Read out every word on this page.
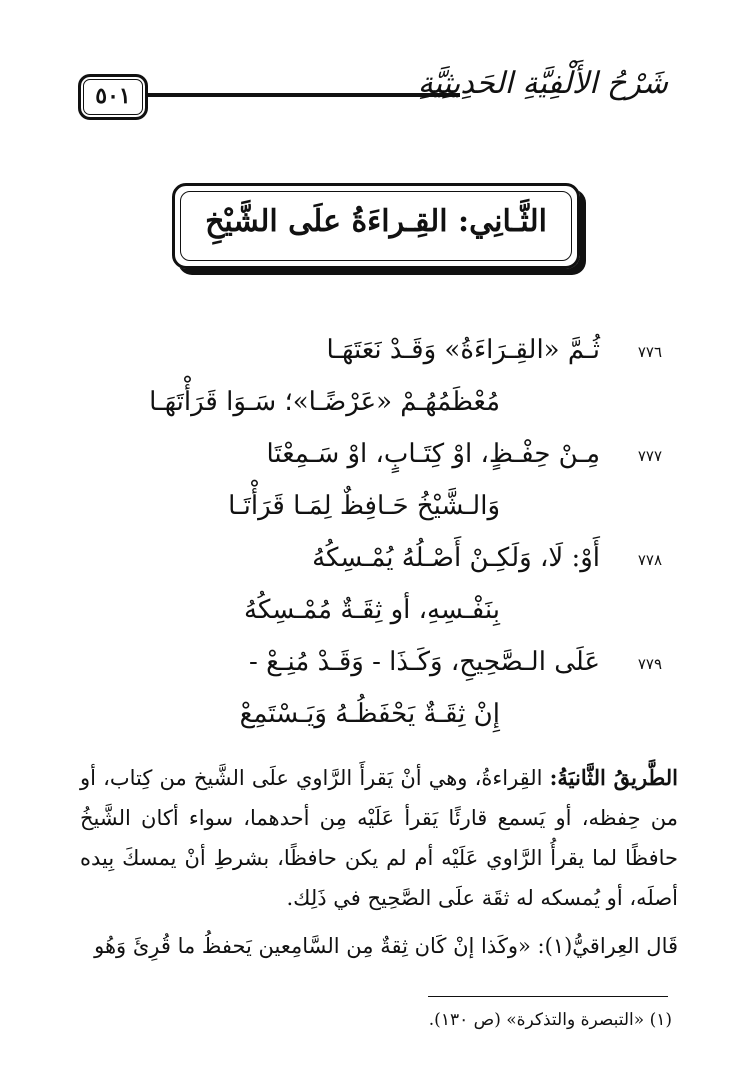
٥٠١	شَرْحُ الأَلْفِيَّةِ الحَدِيثِيَّةِ
الثَّـانِي: القِـراءَةُ علَى الشَّيْخِ
٧٧٦
ثُـمَّ «القِـرَاءَةُ» وَقَـدْ نَعَتَهَـا
مُعْظَمُهُـمْ «عَرْضًـا»؛ سَـوَا قَرَأْتَهَـا
٧٧٧
مِـنْ حِفْـظٍ، اوْ كِتَـابٍ، اوْ سَـمِعْتَا
وَالـشَّيْخُ حَـافِظٌ لِمَـا قَرَأْتَـا
٧٧٨
أَوْ: لَا، وَلَكِـنْ أَصْـلُهُ يُمْـسِكُهُ
بِنَفْـسِهِ، أو ثِقَـةٌ مُمْـسِكُهُ
٧٧٩
عَلَى الـصَّحِيحِ، وَكَـذَا - وَقَـدْ مُنِـعْ -
إِنْ ثِقَـةٌ يَحْفَظُـهُ وَيَـسْتَمِعْ

الطَّريقُ الثَّانيَةُ: القِراءةُ، وهي أنْ يَقرأَ الرَّاوي علَى الشَّيخ من كِتاب، أو من حِفظه، أو يَسمع قارئًا يَقرأ عَلَيْه مِن أحدهما، سواء أكان الشَّيخُ حافظًا لما يقرأُ الرَّاوي عَلَيْه أم لم يكن حافظًا، بشرطِ أنْ يمسكَ بِيده أصلَه، أو يُمسكه له ثقَة علَى الصَّحِيح في ذَلِك.

قَال العِراقيُّ(١): «وكَذا إنْ كَان ثِقةٌ مِن السَّامِعين يَحفظُ ما قُرِئَ وَهُو

(١) «التبصرة والتذكرة» (ص ١٣٠).
